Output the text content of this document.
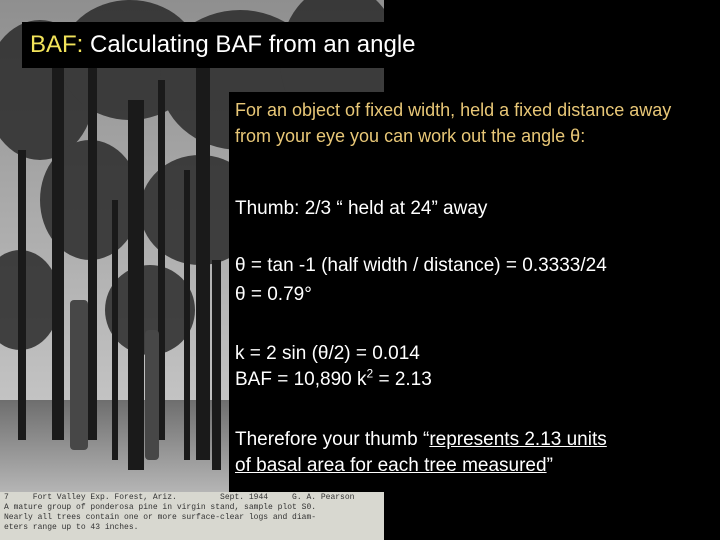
7     Fort Valley Exp. Forest, Ariz.         Sept. 1944     G. A. Pearson
A mature group of ponderosa pine in virgin stand, sample plot S0.
Nearly all trees contain one or more surface-clear logs and diam-
eters range up to 43 inches.
BAF: Calculating BAF from an angle
For an object of fixed width, held a fixed distance away from your eye you can work out the angle θ:
Thumb: 2/3 “ held at 24” away
θ = tan -1 (half width / distance) = 0.3333/24
θ = 0.79°
k = 2 sin (θ/2) = 0.014
BAF = 10,890 $k^2 = 2.13$
Therefore your thumb “represents 2.13 units
of basal area for each tree measured”
